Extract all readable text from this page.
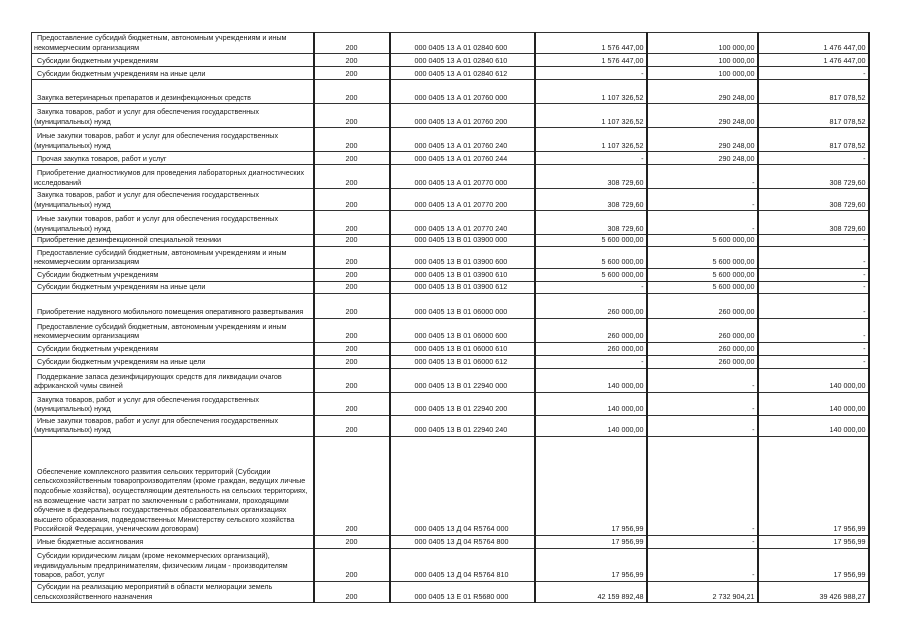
Предоставление субсидий бюджетным, автономным учреждениям и иным некоммерческим организациям	200	000 0405 13 А 01 02840 600	1 576 447,00	100 000,00	1 476 447,00
Субсидии бюджетным учреждениям	200	000 0405 13 А 01 02840 610	1 576 447,00	100 000,00	1 476 447,00
Субсидии бюджетным учреждениям на иные цели	200	000 0405 13 А 01 02840 612	-	100 000,00	-
Закупка ветеринарных препаратов и дезинфекционных средств	200	000 0405 13 А 01 20760 000	1 107 326,52	290 248,00	817 078,52
Закупка товаров, работ и услуг для обеспечения государственных (муниципальных) нужд	200	000 0405 13 А 01 20760 200	1 107 326,52	290 248,00	817 078,52
Иные закупки товаров, работ и услуг для обеспечения государственных (муниципальных) нужд	200	000 0405 13 А 01 20760 240	1 107 326,52	290 248,00	817 078,52
Прочая закупка товаров, работ и услуг	200	000 0405 13 А 01 20760 244	-	290 248,00	-
Приобретение диагностикумов для проведения лабораторных диагностических исследований	200	000 0405 13 А 01 20770 000	308 729,60	-	308 729,60
Закупка товаров, работ и услуг для обеспечения государственных (муниципальных) нужд	200	000 0405 13 А 01 20770 200	308 729,60	-	308 729,60
Иные закупки товаров, работ и услуг для обеспечения государственных (муниципальных) нужд	200	000 0405 13 А 01 20770 240	308 729,60	-	308 729,60
Приобретение дезинфекционной специальной техники	200	000 0405 13 В 01 03900 000	5 600 000,00	5 600 000,00	-
Предоставление субсидий бюджетным, автономным учреждениям и иным некоммерческим организациям	200	000 0405 13 В 01 03900 600	5 600 000,00	5 600 000,00	-
Субсидии бюджетным учреждениям	200	000 0405 13 В 01 03900 610	5 600 000,00	5 600 000,00	-
Субсидии бюджетным учреждениям на иные цели	200	000 0405 13 В 01 03900 612	-	5 600 000,00	-
Приобретение надувного мобильного помещения оперативного развертывания	200	000 0405 13 В 01 06000 000	260 000,00	260 000,00	-
Предоставление субсидий бюджетным, автономным учреждениям и иным некоммерческим организациям	200	000 0405 13 В 01 06000 600	260 000,00	260 000,00	-
Субсидии бюджетным учреждениям	200	000 0405 13 В 01 06000 610	260 000,00	260 000,00	-
Субсидии бюджетным учреждениям на иные цели	200	000 0405 13 В 01 06000 612	-	260 000,00	-
Поддержание запаса дезинфицирующих средств для ликвидации очагов африканской чумы свиней	200	000 0405 13 В 01 22940 000	140 000,00	-	140 000,00
Закупка товаров, работ и услуг для обеспечения государственных (муниципальных) нужд	200	000 0405 13 В 01 22940 200	140 000,00	-	140 000,00
Иные закупки товаров, работ и услуг для обеспечения государственных (муниципальных) нужд	200	000 0405 13 В 01 22940 240	140 000,00	-	140 000,00
Обеспечение комплексного развития сельских территорий (Субсидии сельскохозяйственным товаропроизводителям (кроме граждан, ведущих личные подсобные хозяйства), осуществляющим деятельность на сельских территориях, на возмещение части затрат по заключенным с работниками, проходящими обучение в федеральных государственных образовательных организациях высшего образования, подведомственных Министерству сельского хозяйства Российской Федерации, ученическим договорам)	200	000 0405 13 Д 04 R5764 000	17 956,99	-	17 956,99
Иные бюджетные ассигнования	200	000 0405 13 Д 04 R5764 800	17 956,99	-	17 956,99
Субсидии юридическим лицам (кроме некоммерческих организаций), индивидуальным предпринимателям, физическим лицам - производителям товаров, работ, услуг	200	000 0405 13 Д 04 R5764 810	17 956,99	-	17 956,99
Субсидии на реализацию мероприятий в области мелиорации земель сельскохозяйственного назначения	200	000 0405 13 Е 01 R5680 000	42 159 892,48	2 732 904,21	39 426 988,27
